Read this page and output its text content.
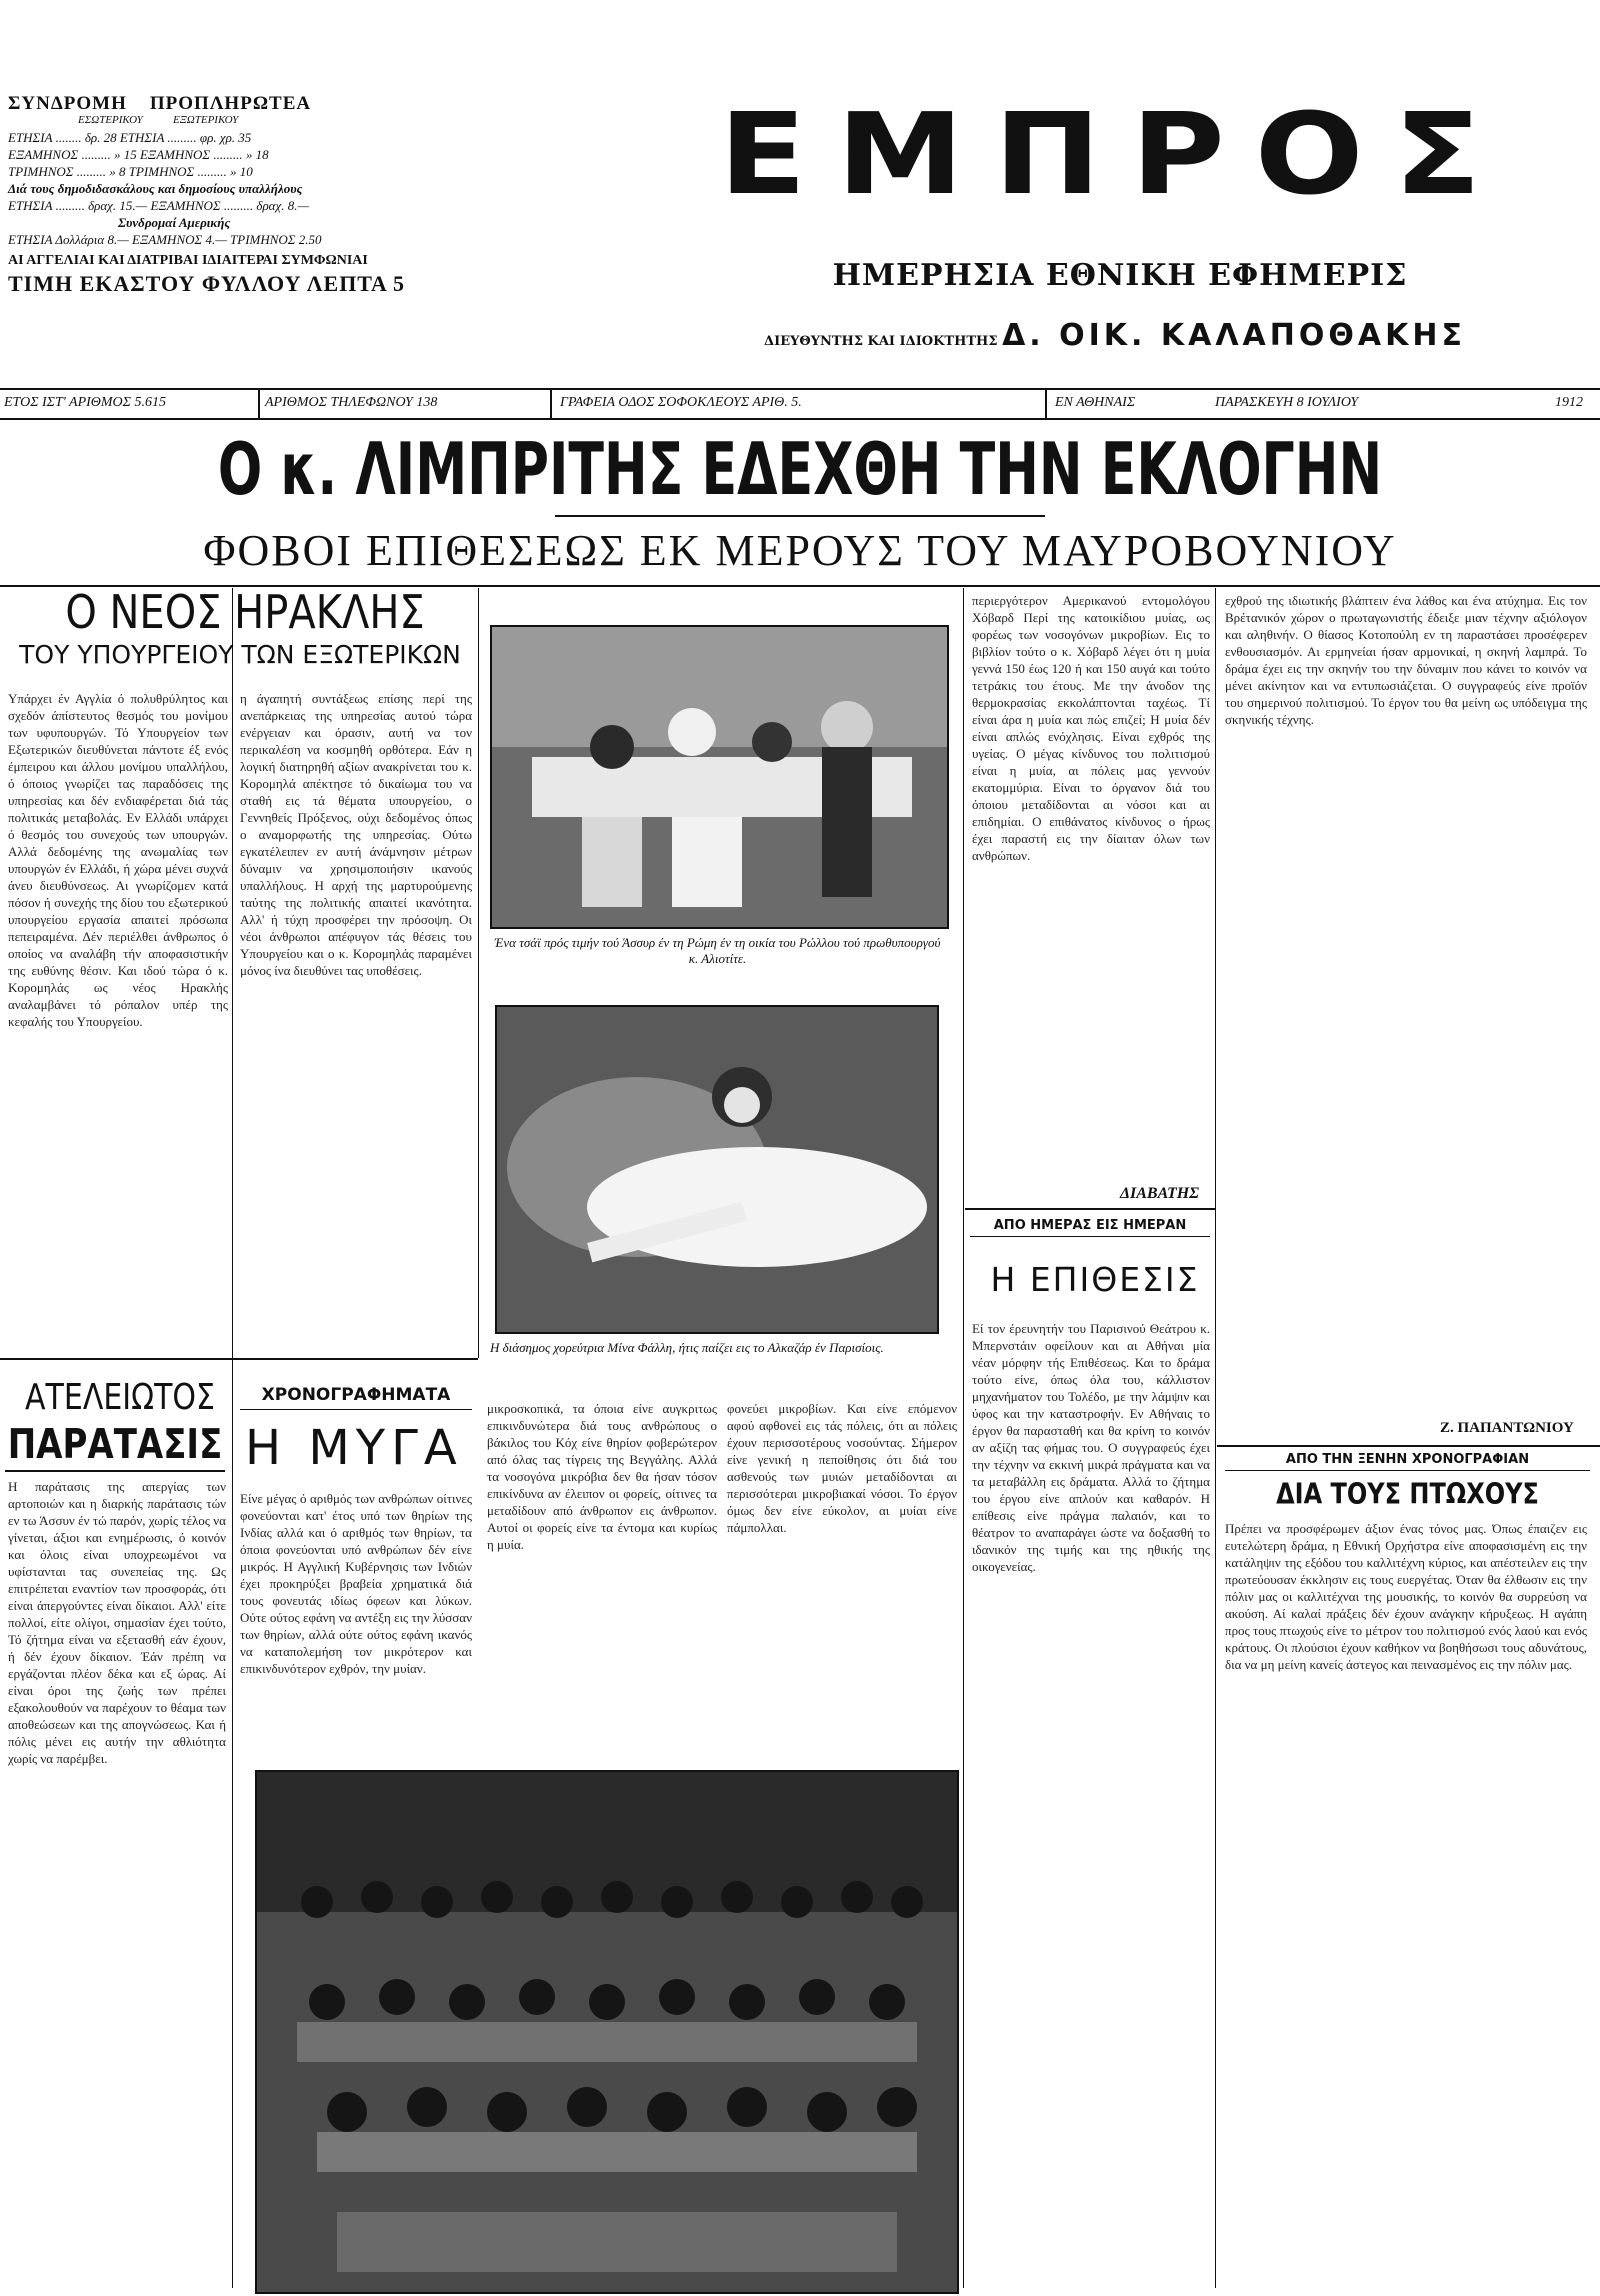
ΣΥΝΔΡΟΜΗ ΠΡΟΠΛΗΡΩΤΕΑ
ΕΣΩΤΕΡΙΚΟΥ	ΕΞΩΤΕΡΙΚΟΥ
ΕΤΗΣΙΑ ........ δρ. 28 ΕΤΗΣΙΑ ......... φρ. χρ. 35
ΕΞΑΜΗΝΟΣ ......... » 15 ΕΞΑΜΗΝΟΣ ......... » 18
ΤΡΙΜΗΝΟΣ ......... » 8 ΤΡΙΜΗΝΟΣ ......... » 10
Διά τους δημοδιδασκάλους και δημοσίους υπαλλήλους
ΕΤΗΣΙΑ ......... δραχ. 15.— ΕΞΑΜΗΝΟΣ ......... δραχ. 8.—
Συνδρομαί Αμερικής
ΕΤΗΣΙΑ Δολλάρια 8.— ΕΞΑΜΗΝΟΣ 4.— ΤΡΙΜΗΝΟΣ 2.50
ΑΙ ΑΓΓΕΛΙΑΙ ΚΑΙ ΔΙΑΤΡΙΒΑΙ ΙΔΙΑΙΤΕΡΑΙ ΣΥΜΦΩΝΙΑΙ
ΤΙΜΗ ΕΚΑΣΤΟΥ ΦΥΛΛΟΥ ΛΕΠΤΑ 5
ΕΜΠΡΟΣ
ΗΜΕΡΗΣΙΑ ΕΘΝΙΚΗ ΕΦΗΜΕΡΙΣ
ΔΙΕΥΘΥΝΤΗΣ ΚΑΙ ΙΔΙΟΚΤΗΤΗΣ Δ. ΟΙΚ. ΚΑΛΑΠΟΘΑΚΗΣ
ΕΤΟΣ ΙΣΤ' ΑΡΙΘΜΟΣ 5.615	ΑΡΙΘΜΟΣ ΤΗΛΕΦΩΝΟΥ 138	ΓΡΑΦΕΙΑ ΟΔΟΣ ΣΟΦΟΚΛΕΟΥΣ ΑΡΙΘ. 5.	ΕΝ ΑΘΗΝΑΙΣ	ΠΑΡΑΣΚΕΥΗ 8 ΙΟΥΛΙΟΥ	1912
Ο κ. ΛΙΜΠΡΙΤΗΣ ΕΔΕΧΘΗ ΤΗΝ ΕΚΛΟΓΗΝ
ΦΟΒΟΙ ΕΠΙΘΕΣΕΩΣ ΕΚ ΜΕΡΟΥΣ ΤΟΥ ΜΑΥΡΟΒΟΥΝΙΟΥ
Ο ΝΕΟΣ ΗΡΑΚΛΗΣ
ΤΟΥ ΥΠΟΥΡΓΕΙΟΥ ΤΩΝ ΕΞΩΤΕΡΙΚΩΝ
Υπάρχει έν Αγγλία ό πολυθρύλητος και σχεδόν άπίστευτος θεσμός του μονίμου των υφυπουργών. Τό Υπουργείον των Εξωτερικών διευθύνεται πάντοτε έξ ενός έμπειρου και άλλου μονίμου υπαλλήλου, ό όποιος γνωρίζει τας παραδόσεις της υπηρεσίας και δέν ενδιαφέρεται διά τάς πολιτικάς μεταβολάς. Εν Ελλάδι υπάρχει ό θεσμός του συνεχούς των υπουργών. Αλλά δεδομένης της ανωμαλίας των υπουργών έν Ελλάδι, ή χώρα μένει συχνά άνευ διευθύνσεως. Αι γνωρίζομεν κατά πόσον ή συνεχής της δίου του εξωτερικού υπουργείου εργασία απαιτεί πρόσωπα πεπειραμένα. Δέν περιέλθει άνθρωπος ό οποίος να αναλάβη τήν αποφασιστικήν της ευθύνης θέσιν. Και ιδού τώρα ό κ. Κορομηλάς ως νέος Ηρακλής αναλαμβάνει τό ρόπαλον υπέρ της κεφαλής του Υπουργείου.
η άγαπητή συντάξεως επίσης περί της ανεπάρκειας της υπηρεσίας αυτού τώρα ενέργειαν και όρασιν, αυτή να τον περικαλέση να κοσμηθή ορθότερα. Εάν η λογική διατηρηθή αξίων ανακρίνεται του κ. Κορομηλά απέκτησε τό δικαίωμα του να σταθή εις τά θέματα υπουργείου, ο Γεννηθείς Πρόξενος, ούχι δεδομένος όπως ο αναμορφωτής της υπηρεσίας. Ούτω εγκατέλειπεν εν αυτή άνάμνησιν μέτρων δύναμιν να χρησιμοποιήσιν ικανούς υπαλλήλους. Η αρχή της μαρτυρούμενης ταύτης της πολιτικής απαιτεί ικανότητα. Αλλ' ή τύχη προσφέρει την πρόσοψη. Οι νέοι άνθρωποι απέφυγον τάς θέσεις του Υπουργείου και ο κ. Κορομηλάς παραμένει μόνος ίνα διευθύνει τας υποθέσεις.
ΑΤΕΛΕΙΩΤΟΣ
ΠΑΡΑΤΑΣΙΣ
Η παράτασις της απεργίας των αρτοποιών και η διαρκής παράτασις τών εν τω Άσσυν έν τώ παρόν, χωρίς τέλος να γίνεται, άξιοι και ενημέρωσις, ό κοινόν και όλοις είναι υποχρεωμένοι να υφίστανται τας συνεπείας της. Ως επιτρέπεται εναντίον των προσφοράς, ότι είναι άπεργούντες είναι δίκαιοι. Αλλ' είτε πολλοί, είτε ολίγοι, σημασίαν έχει τούτο, Τό ζήτημα είναι να εξετασθή εάν έχουν, ή δέν έχουν δίκαιον. Έάν πρέπη να εργάζονται πλέον δέκα και εξ ώρας. Αί είναι όροι της ζωής των πρέπει εξακολουθούν να παρέχουν το θέαμα των αποθεώσεων και της απογνώσεως. Και ή πόλις μένει εις αυτήν την αθλιότητα χωρίς να παρέμβει.
ΧΡΟΝΟΓΡΑΦΗΜΑΤΑ
Η ΜΥΓΑ
Είνε μέγας ό αριθμός των ανθρώπων οίτινες φονεύονται κατ' έτος υπό των θηρίων της Ινδίας αλλά και ό αριθμός των θηρίων, τα όποια φονεύονται υπό ανθρώπων δέν είνε μικρός. Η Αγγλική Κυβέρνησις των Ινδιών έχει προκηρύξει βραβεία χρηματικά διά τους φονευτάς ιδίως όφεων και λύκων. Ούτε ούτος εφάνη να αντέξη εις την λύσσαν των θηρίων, αλλά ούτε ούτος εφάνη ικανός να καταπολεμήση τον μικρότερον και επικινδυνότερον εχθρόν, την μυίαν.
μικροσκοπικά, τα όποια είνε αυγκριτως επικινδυνώτερα διά τους ανθρώπους ο βάκιλος του Κόχ είνε θηρίον φοβερώτερον από όλας τας τίγρεις της Βεγγάλης. Αλλά τα νοσογόνα μικρόβια δεν θα ήσαν τόσον επικίνδυνα αν έλειπον οι φορείς, οίτινες τα μεταδίδουν από άνθρωπον εις άνθρωπον. Αυτοί οι φορείς είνε τα έντομα και κυρίως η μυία.
φονεύει μικροβίων. Και είνε επόμενον αφού αφθονεί εις τάς πόλεις, ότι αι πόλεις έχουν περισσοτέρους νοσούντας. Σήμερον είνε γενική η πεποίθησις ότι διά του ασθενούς των μυιών μεταδίδονται αι περισσότεραι μικροβιακαί νόσοι. Το έργον όμως δεν είνε εύκολον, αι μυίαι είνε πάμπολλαι.
Ένα τσάϊ πρός τιμήν τού Άσσυρ έν τη Ρώμη έν τη οικία του Ρώλλου τού πρωθυπουργού κ. Αλιοτίτε.
Η διάσημος χορεύτρια Μίνα Φάλλη, ήτις παίζει εις το Αλκαζάρ έν Παρισίοις.
περιεργότερον Αμερικανού εντομολόγου Χόβαρδ Περί της κατοικίδιου μυίας, ως φορέως των νοσογόνων μικροβίων. Εις το βιβλίον τούτο ο κ. Χόβαρδ λέγει ότι η μυία γεννά 150 έως 120 ή και 150 αυγά και τούτο τετράκις του έτους. Με την άνοδον της θερμοκρασίας εκκολάπτονται ταχέως. Τί είναι άρα η μυία και πώς επιζεί; Η μυία δέν είναι απλώς ενόχλησις. Είναι εχθρός της υγείας. Ο μέγας κίνδυνος του πολιτισμού είναι η μυία, αι πόλεις μας γεννούν εκατομμύρια. Είναι το όργανον διά του όποιου μεταδίδονται αι νόσοι και αι επιδημίαι. Ο επιθάνατος κίνδυνος ο ήρως έχει παραστή εις την δίαιταν όλων των ανθρώπων.
ΔΙΑΒΑΤΗΣ
ΑΠΟ ΗΜΕΡΑΣ ΕΙΣ ΗΜΕΡΑΝ
Η ΕΠΙΘΕΣΙΣ
Εί τον έρευνητήν του Παρισινού Θεάτρου κ. Μπερνστάιν οφείλουν και αι Αθήναι μία νέαν μόρφην τής Επιθέσεως. Και το δράμα τούτο είνε, όπως όλα του, κάλλιστον μηχανήματον του Τολέδο, με την λάμψιν και ύφος και την καταστροφήν. Εν Αθήναις το έργον θα παρασταθή και θα κρίνη το κοινόν αν αξίζη τας φήμας του. Ο συγγραφεύς έχει την τέχνην να εκκινή μικρά πράγματα και να τα μεταβάλλη εις δράματα. Αλλά το ζήτημα του έργου είνε απλούν και καθαρόν. Η επίθεσις είνε πράγμα παλαιόν, και το θέατρον το αναπαράγει ώστε να δοξασθή το ιδανικόν της τιμής και της ηθικής της οικογενείας.
εχθρού της ιδιωτικής βλάπτειν ένα λάθος και ένα ατύχημα. Εις τον Βρέτανικόν χώρον ο πρωταγωνιστής έδειξε μιαν τέχνην αξιόλογον και αληθινήν. Ο θίασος Κοτοπούλη εν τη παραστάσει προσέφερεν ενθουσιασμόν. Αι ερμηνείαι ήσαν αρμονικαί, η σκηνή λαμπρά. Το δράμα έχει εις την σκηνήν του την δύναμιν που κάνει το κοινόν να μένει ακίνητον και να εντυπωσιάζεται. Ο συγγραφεύς είνε προϊόν του σημερινού πολιτισμού. Το έργον του θα μείνη ως υπόδειγμα της σκηνικής τέχνης.
Ζ. ΠΑΠΑΝΤΩΝΙΟΥ
ΑΠΟ ΤΗΝ ΞΕΝΗΝ ΧΡΟΝΟΓΡΑΦΙΑΝ
ΔΙΑ ΤΟΥΣ ΠΤΩΧΟΥΣ
Πρέπει να προσφέρωμεν άξιον ένας τόνος μας. Όπως έπαιζεν εις ευτελώτερη δράμα, η Εθνική Ορχήστρα είνε αποφασισμένη εις την κατάληψιν της εξόδου του καλλιτέχνη κύριος, και απέστειλεν εις την πρωτεύουσαν έκκλησιν εις τους ευεργέτας. Όταν θα έλθωσιν εις την πόλιν μας οι καλλιτέχναι της μουσικής, το κοινόν θα συρρεύση να ακούση. Αί καλαί πράξεις δέν έχουν ανάγκην κήρυξεως. Η αγάπη προς τους πτωχούς είνε το μέτρον του πολιτισμού ενός λαού και ενός κράτους. Οι πλούσιοι έχουν καθήκον να βοηθήσωσι τους αδυνάτους, δια να μη μείνη κανείς άστεγος και πεινασμένος εις την πόλιν μας.
